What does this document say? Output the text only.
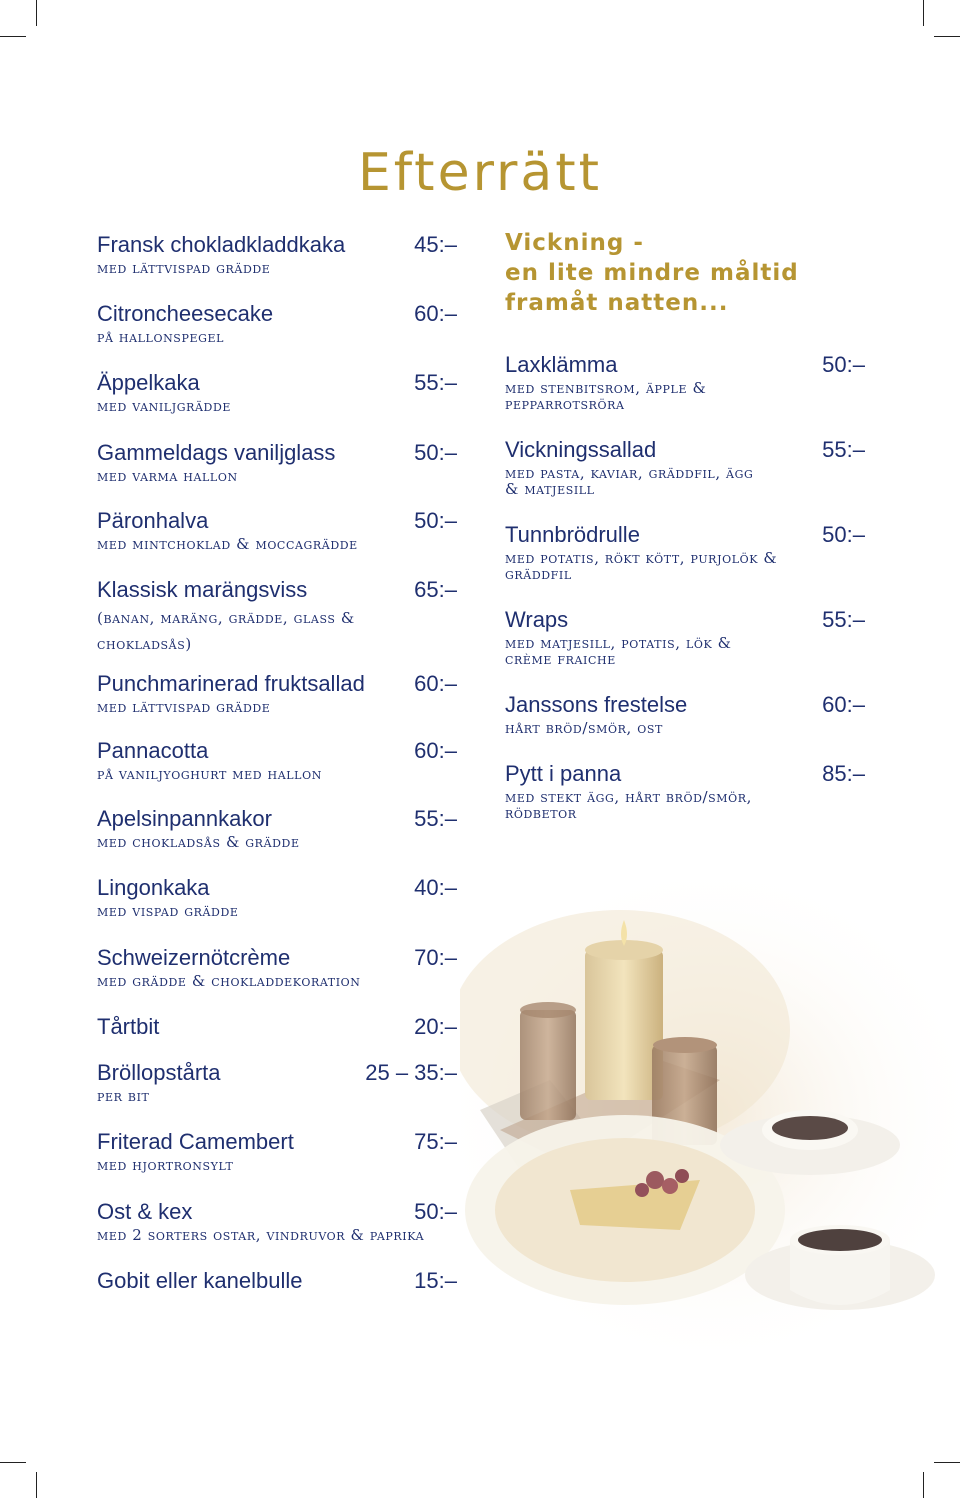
Efterrätt
Fransk chokladkladdkaka	45:–
med lättvispad grädde
Citroncheesecake	60:–
på hallonspegel
Äppelkaka	55:–
med vaniljgrädde
Gammeldags vaniljglass	50:–
med varma hallon
Päronhalva	50:–
med mintchoklad & moccagrädde
Klassisk marängsviss	65:–
(banan, maräng, grädde, glass & chokladsås)
Punchmarinerad fruktsallad 60:–
med lättvispad grädde
Pannacotta	60:–
på vaniljyoghurt med hallon
Apelsinpannkakor	55:–
med chokladsås & grädde
Lingonkaka	40:–
med vispad grädde
Schweizernötcrème	70:–
med grädde & chokladdekoration
Tårtbit	20:–
Bröllopstårta	25 – 35:–
per bit
Friterad Camembert	75:–
med hjortronsylt
Ost & kex	50:–
med 2 sorters ostar, vindruvor & paprika
Gobit eller kanelbulle	15:–
Vickning -
en lite mindre måltid
framåt natten...
Laxklämma	50:–
med stenbitsrom, äpple & pepparrotsröra
Vickningssallad	55:–
med pasta, kaviar, gräddfil, ägg & matjesill
Tunnbrödrulle	50:–
med potatis, rökt kött, purjolök & gräddfil
Wraps	55:–
med matjesill, potatis, lök & crème fraiche
Janssons frestelse	60:–
hårt bröd/smör, ost
Pytt i panna	85:–
med stekt ägg, hårt bröd/smör, rödbetor
